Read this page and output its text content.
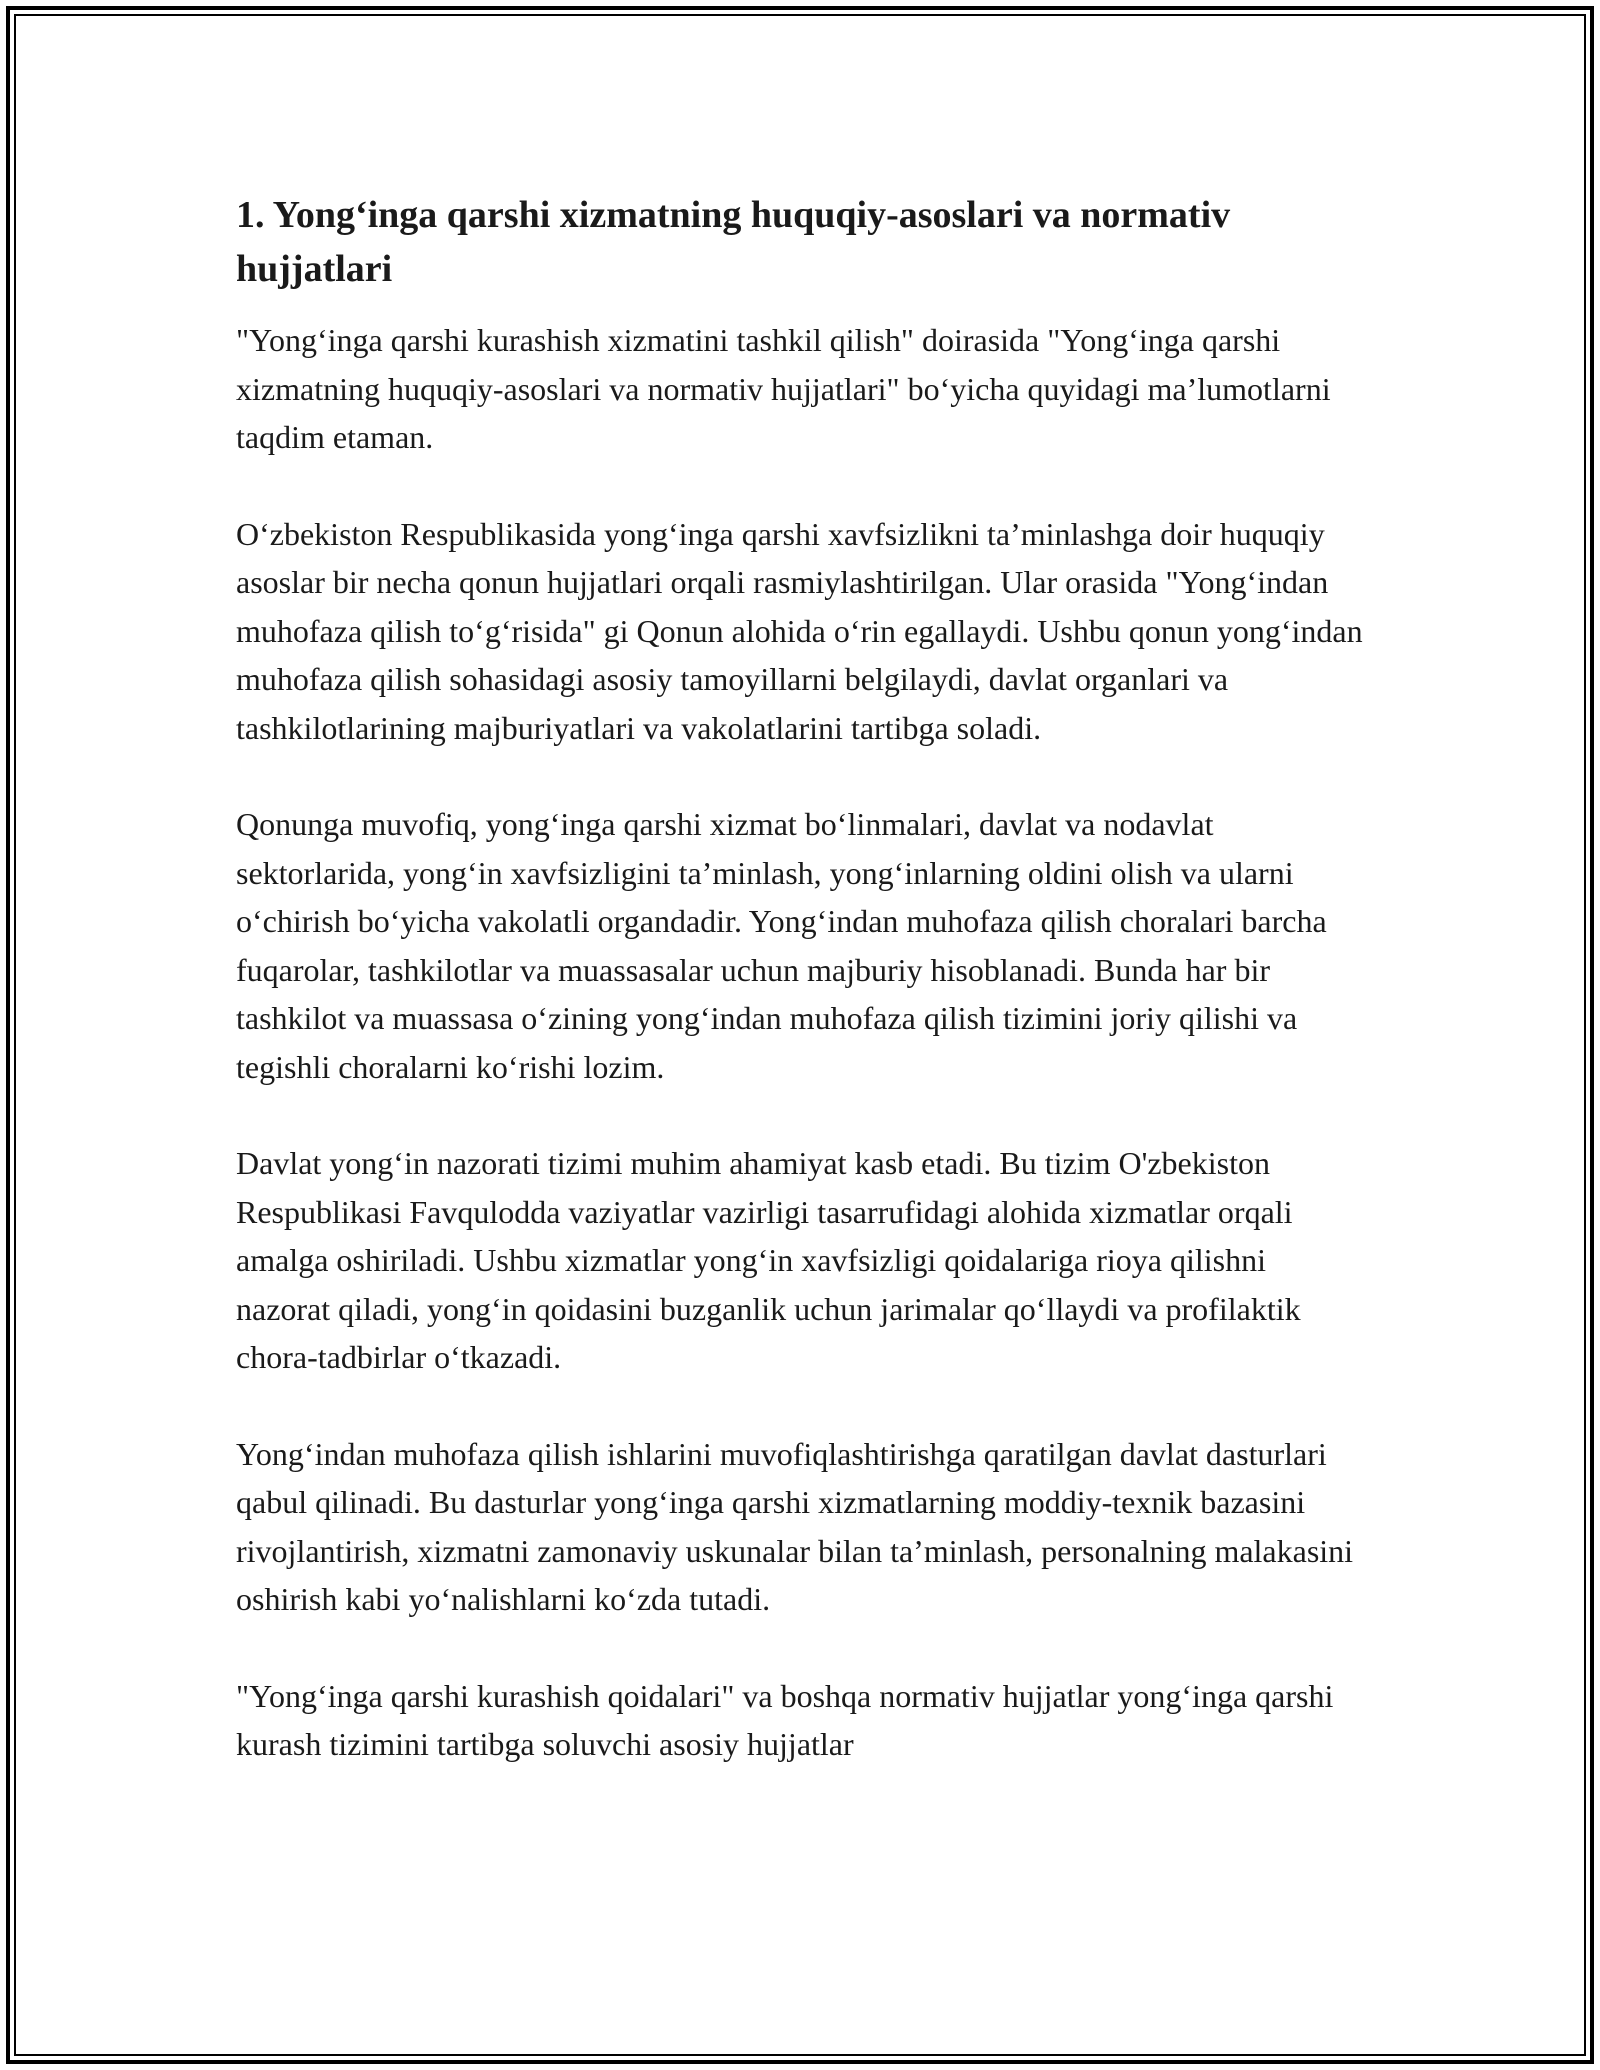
1. Yong‘inga qarshi xizmatning huquqiy-asoslari va normativ hujjatlari

"Yong‘inga qarshi kurashish xizmatini tashkil qilish" doirasida "Yong‘inga qarshi xizmatning huquqiy-asoslari va normativ hujjatlari" bo‘yicha quyidagi ma’lumotlarni taqdim etaman.

O‘zbekiston Respublikasida yong‘inga qarshi xavfsizlikni ta’minlashga doir huquqiy asoslar bir necha qonun hujjatlari orqali rasmiylashtirilgan. Ular orasida "Yong‘indan muhofaza qilish to‘g‘risida" gi Qonun alohida o‘rin egallaydi. Ushbu qonun yong‘indan muhofaza qilish sohasidagi asosiy tamoyillarni belgilaydi, davlat organlari va tashkilotlarining majburiyatlari va vakolatlarini tartibga soladi.

Qonunga muvofiq, yong‘inga qarshi xizmat bo‘linmalari, davlat va nodavlat sektorlarida, yong‘in xavfsizligini ta’minlash, yong‘inlarning oldini olish va ularni o‘chirish bo‘yicha vakolatli organdadir. Yong‘indan muhofaza qilish choralari barcha fuqarolar, tashkilotlar va muassasalar uchun majburiy hisoblanadi. Bunda har bir tashkilot va muassasa o‘zining yong‘indan muhofaza qilish tizimini joriy qilishi va tegishli choralarni ko‘rishi lozim.

Davlat yong‘in nazorati tizimi muhim ahamiyat kasb etadi. Bu tizim O'zbekiston Respublikasi Favqulodda vaziyatlar vazirligi tasarrufidagi alohida xizmatlar orqali amalga oshiriladi. Ushbu xizmatlar yong‘in xavfsizligi qoidalariga rioya qilishni nazorat qiladi, yong‘in qoidasini buzganlik uchun jarimalar qo‘llaydi va profilaktik chora-tadbirlar o‘tkazadi.

Yong‘indan muhofaza qilish ishlarini muvofiqlashtirishga qaratilgan davlat dasturlari qabul qilinadi. Bu dasturlar yong‘inga qarshi xizmatlarning moddiy-texnik bazasini rivojlantirish, xizmatni zamonaviy uskunalar bilan ta’minlash, personalning malakasini oshirish kabi yo‘nalishlarni ko‘zda tutadi.

"Yong‘inga qarshi kurashish qoidalari" va boshqa normativ hujjatlar yong‘inga qarshi kurash tizimini tartibga soluvchi asosiy hujjatlar
